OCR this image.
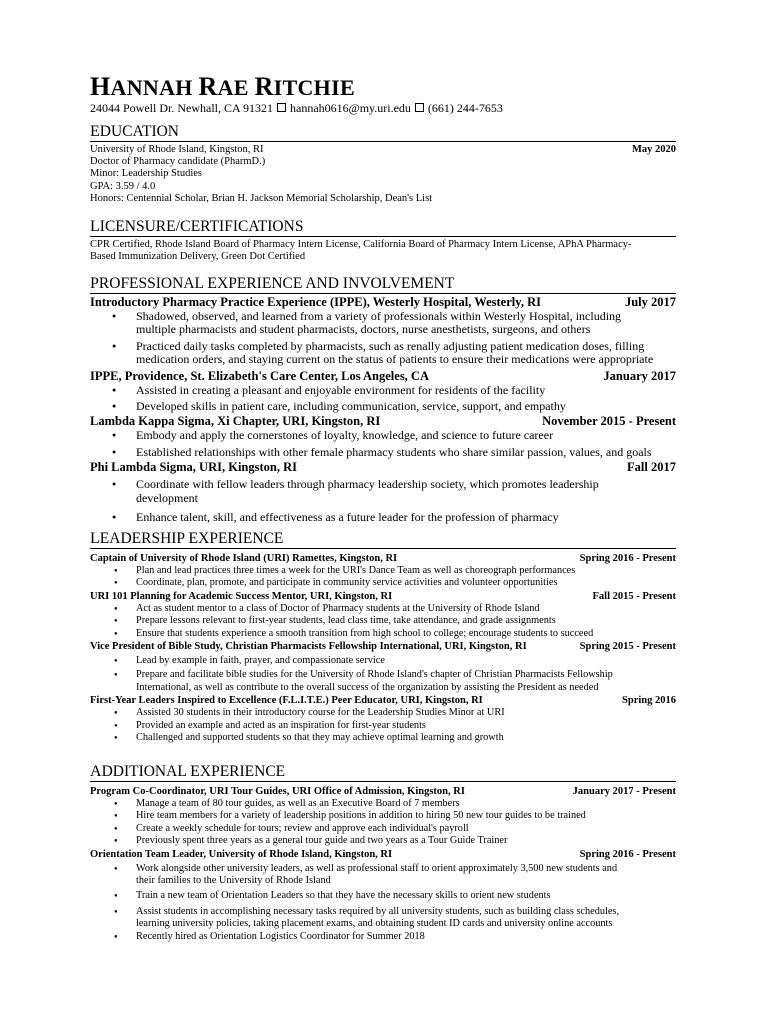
HANNAH RAE RITCHIE
24044 Powell Dr. Newhall, CA 91321 hannah0616@my.uri.edu (661) 244-7653
EDUCATION
University of Rhode Island, Kingston, RI	May 2020
Doctor of Pharmacy candidate (PharmD.)
Minor: Leadership Studies
GPA: 3.59 / 4.0
Honors: Centennial Scholar, Brian H. Jackson Memorial Scholarship, Dean's List
LICENSURE/CERTIFICATIONS
CPR Certified, Rhode Island Board of Pharmacy Intern License, California Board of Pharmacy Intern License, APhA Pharmacy-
Based Immunization Delivery, Green Dot Certified
PROFESSIONAL EXPERIENCE AND INVOLVEMENT
Introductory Pharmacy Practice Experience (IPPE), Westerly Hospital, Westerly, RI	July 2017
● Shadowed, observed, and learned from a variety of professionals within Westerly Hospital, including
multiple pharmacists and student pharmacists, doctors, nurse anesthetists, surgeons, and others
● Practiced daily tasks completed by pharmacists, such as renally adjusting patient medication doses, filling
medication orders, and staying current on the status of patients to ensure their medications were appropriate
IPPE, Providence, St. Elizabeth's Care Center, Los Angeles, CA	January 2017
● Assisted in creating a pleasant and enjoyable environment for residents of the facility
● Developed skills in patient care, including communication, service, support, and empathy
Lambda Kappa Sigma, Xi Chapter, URI, Kingston, RI	November 2015 - Present
● Embody and apply the cornerstones of loyalty, knowledge, and science to future career
● Established relationships with other female pharmacy students who share similar passion, values, and goals
Phi Lambda Sigma, URI, Kingston, RI	Fall 2017
● Coordinate with fellow leaders through pharmacy leadership society, which promotes leadership
development
● Enhance talent, skill, and effectiveness as a future leader for the profession of pharmacy
LEADERSHIP EXPERIENCE
Captain of University of Rhode Island (URI) Ramettes, Kingston, RI	Spring 2016 - Present
● Plan and lead practices three times a week for the URI's Dance Team as well as choreograph performances
● Coordinate, plan, promote, and participate in community service activities and volunteer opportunities
URI 101 Planning for Academic Success Mentor, URI, Kingston, RI	Fall 2015 - Present
● Act as student mentor to a class of Doctor of Pharmacy students at the University of Rhode Island
● Prepare lessons relevant to first-year students, lead class time, take attendance, and grade assignments
● Ensure that students experience a smooth transition from high school to college; encourage students to succeed
Vice President of Bible Study, Christian Pharmacists Fellowship International, URI, Kingston, RI	Spring 2015 - Present
● Lead by example in faith, prayer, and compassionate service
● Prepare and facilitate bible studies for the University of Rhode Island's chapter of Christian Pharmacists Fellowship
International, as well as contribute to the overall success of the organization by assisting the President as needed
First-Year Leaders Inspired to Excellence (F.L.I.T.E.) Peer Educator, URI, Kingston, RI	Spring 2016
● Assisted 30 students in their introductory course for the Leadership Studies Minor at URI
● Provided an example and acted as an inspiration for first-year students
● Challenged and supported students so that they may achieve optimal learning and growth
ADDITIONAL EXPERIENCE
Program Co-Coordinator, URI Tour Guides, URI Office of Admission, Kingston, RI	January 2017 - Present
● Manage a team of 80 tour guides, as well as an Executive Board of 7 members
● Hire team members for a variety of leadership positions in addition to hiring 50 new tour guides to be trained
● Create a weekly schedule for tours; review and approve each individual's payroll
● Previously spent three years as a general tour guide and two years as a Tour Guide Trainer
Orientation Team Leader, University of Rhode Island, Kingston, RI	Spring 2016 - Present
● Work alongside other university leaders, as well as professional staff to orient approximately 3,500 new students and
their families to the University of Rhode Island
● Train a new team of Orientation Leaders so that they have the necessary skills to orient new students
● Assist students in accomplishing necessary tasks required by all university students, such as building class schedules,
learning university policies, taking placement exams, and obtaining student ID cards and university online accounts
● Recently hired as Orientation Logistics Coordinator for Summer 2018
